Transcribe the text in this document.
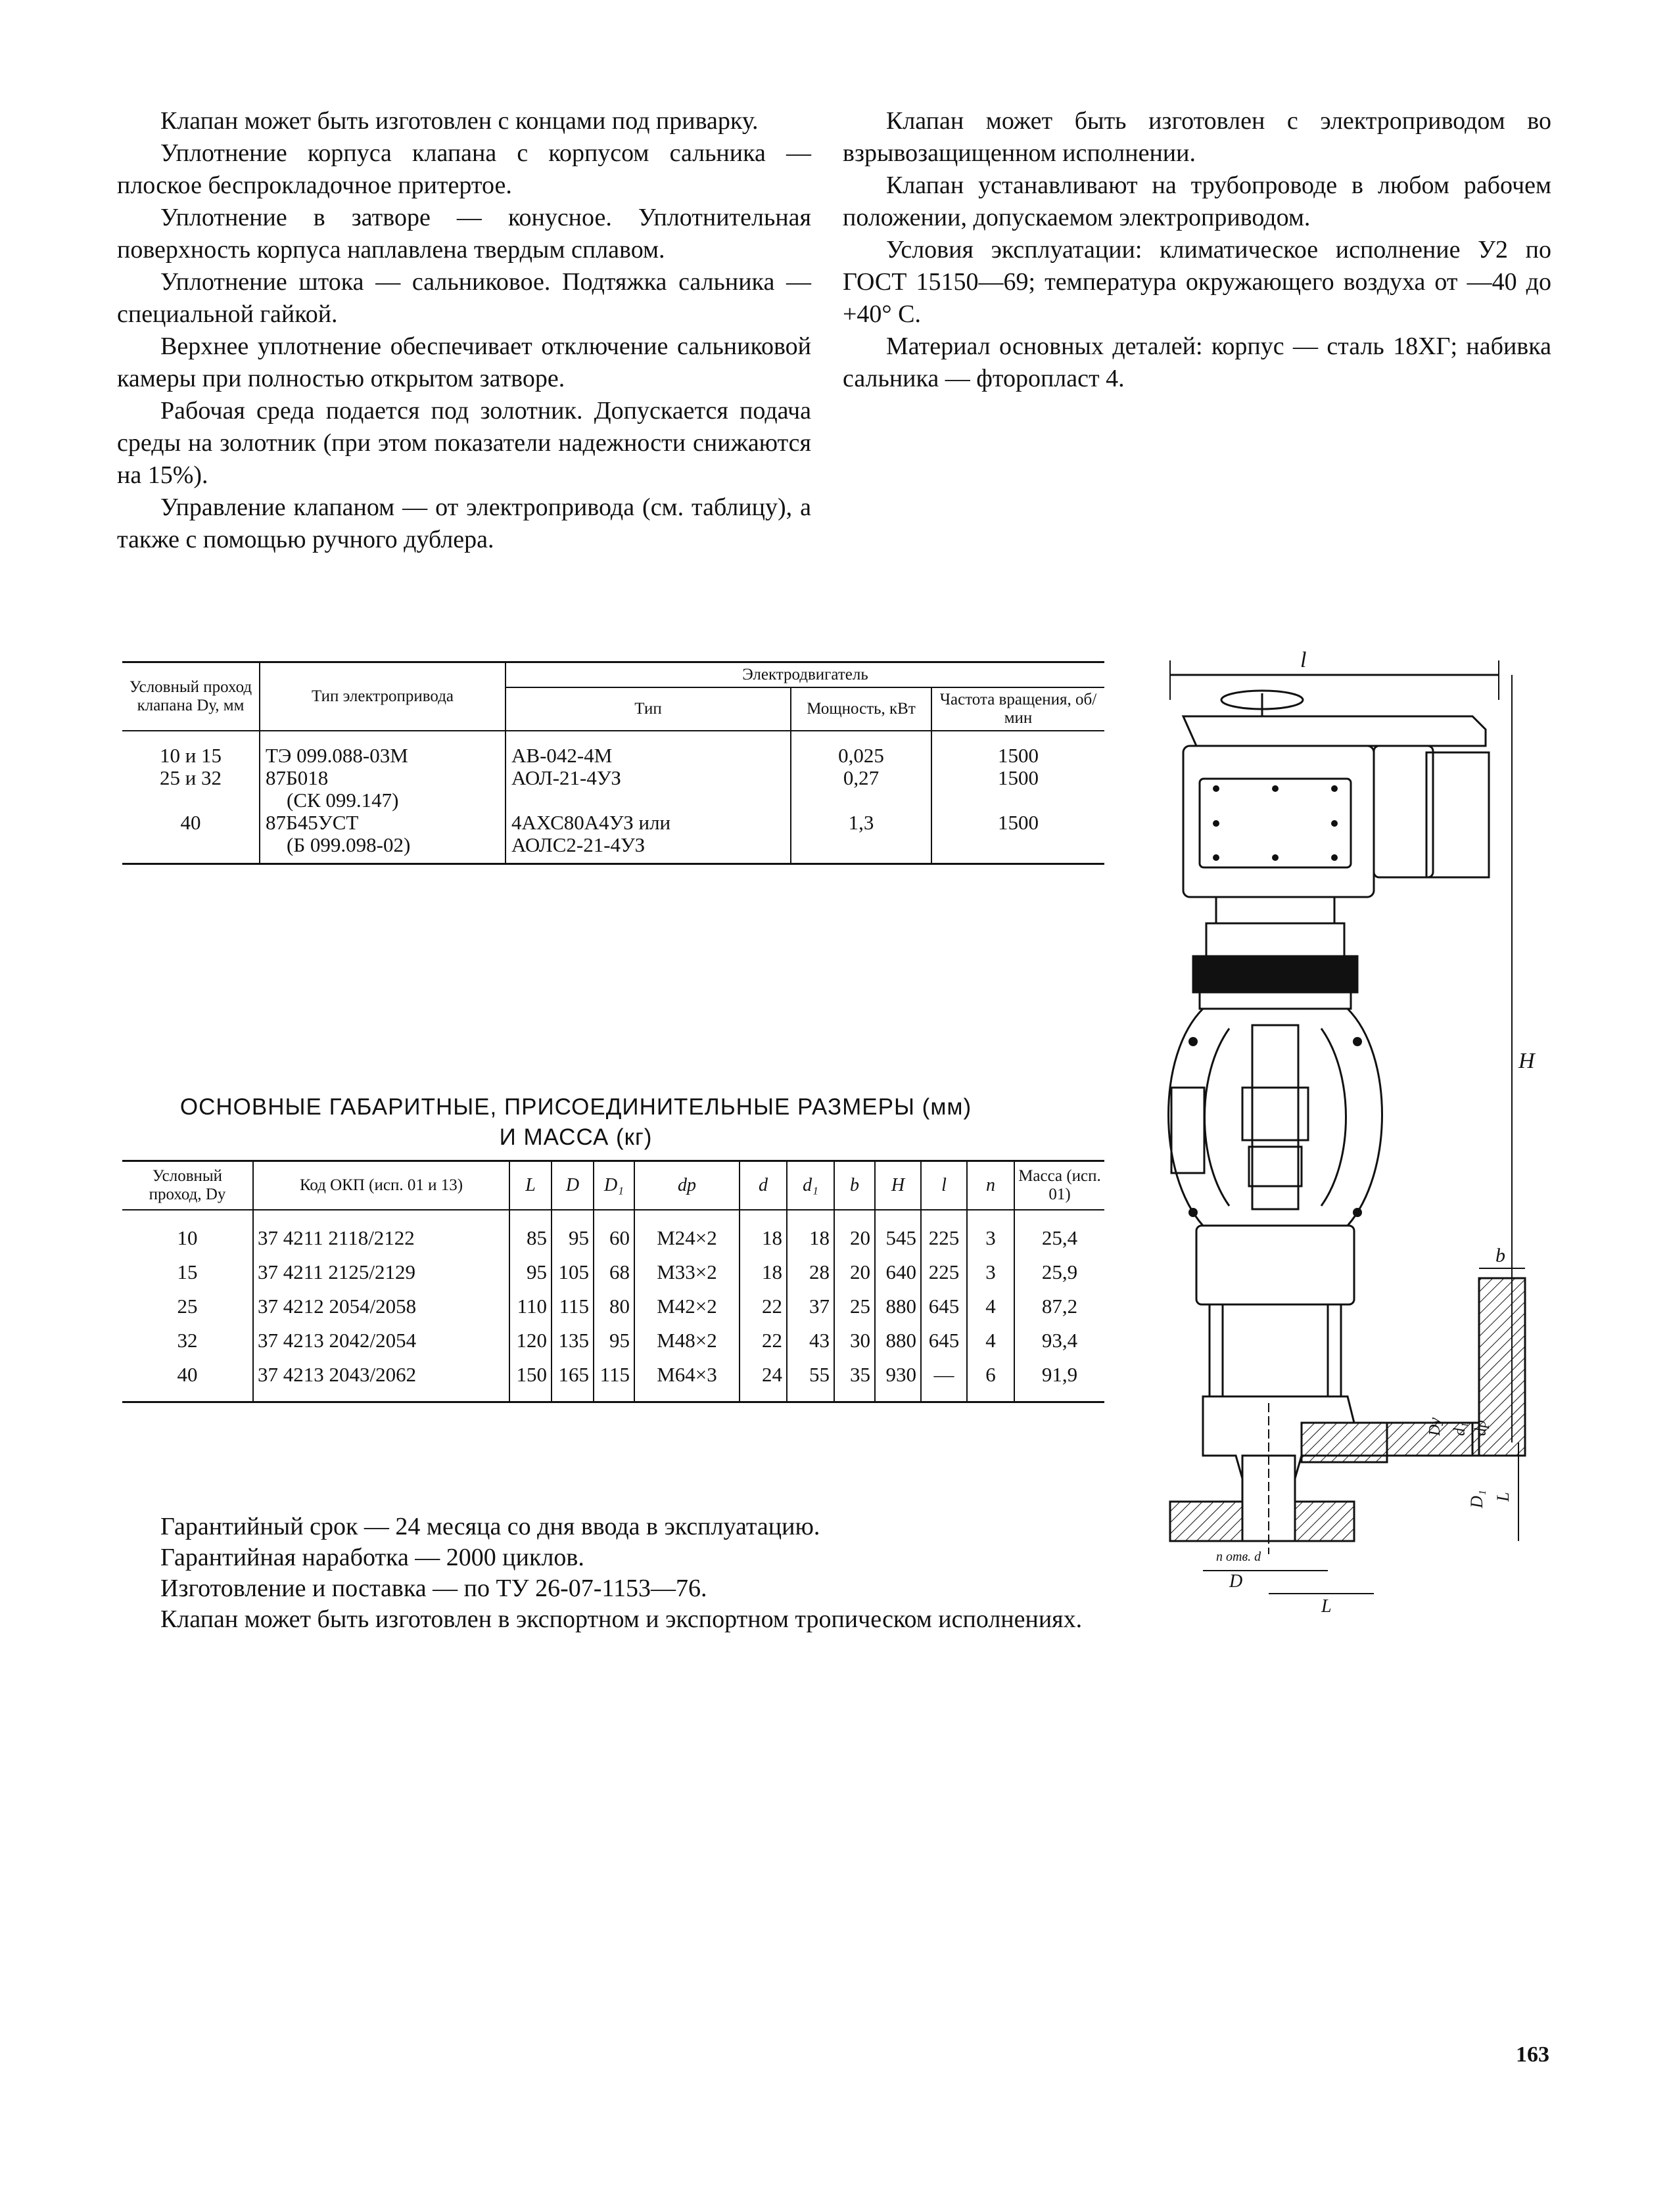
Клапан может быть изготовлен с концами под приварку.

Уплотнение корпуса клапана с корпусом сальника — плоское беспрокладочное притертое.

Уплотнение в затворе — конусное. Уплотнительная поверхность корпуса наплавлена твердым сплавом.

Уплотнение штока — сальниковое. Подтяжка сальника — специальной гайкой.

Верхнее уплотнение обеспечивает отключение сальниковой камеры при полностью открытом затворе.

Рабочая среда подается под золотник. Допускается подача среды на золотник (при этом показатели надежности снижаются на 15%).

Управление клапаном — от электропривода (см. таблицу), а также с помощью ручного дублера.

Клапан может быть изготовлен с электроприводом во взрывозащищенном исполнении.

Клапан устанавливают на трубопроводе в любом рабочем положении, допускаемом электроприводом.

Условия эксплуатации: климатическое исполнение У2 по ГОСТ 15150—69; температура окружающего воздуха от —40 до +40° С.

Материал основных деталей: корпус — сталь 18ХГ; набивка сальника — фторопласт 4.

Условный проход клапана Dу, мм	Тип электропривода	Электродвигатель		
		Тип	Мощность, кВт	Частота вращения, об/мин
10 и 15	ТЭ 099.088-03М	АВ-042-4М	0,025	1500
25 и 32	87Б018	АОЛ-21-4УЗ	0,27	1500
	(СК 099.147)			
40	87Б45УСТ	4АХС80А4УЗ или	1,3	1500
	(Б 099.098-02)	АОЛС2-21-4УЗ		
ОСНОВНЫЕ ГАБАРИТНЫЕ, ПРИСОЕДИНИТЕЛЬНЫЕ РАЗМЕРЫ (мм)
И МАССА (кг)
Условный проход, Dy	Код ОКП (исп. 01 и 13)	L	D	D₁	dp	d	d₁	b	H	l	n	Масса (исп. 01)
10	37 4211 2118/2122	85	95	60	М24×2	18	18	20	545	225	3	25,4
15	37 4211 2125/2129	95	105	68	М33×2	18	28	20	640	225	3	25,9
25	37 4212 2054/2058	110	115	80	М42×2	22	37	25	880	645	4	87,2
32	37 4213 2042/2054	120	135	95	М48×2	22	43	30	880	645	4	93,4
40	37 4213 2043/2062	150	165	115	М64×3	24	55	35	930	—	6	91,9

Гарантийный срок — 24 месяца со дня ввода в эксплуатацию.

Гарантийная наработка — 2000 циклов.

Изготовление и поставка — по ТУ 26-07-1153—76.

Клапан может быть изготовлен в экспортном и экспортном тропическом исполнениях.

l
H
b
Dy d₁ dp
D₁ L
n отв. d
D
L
163
